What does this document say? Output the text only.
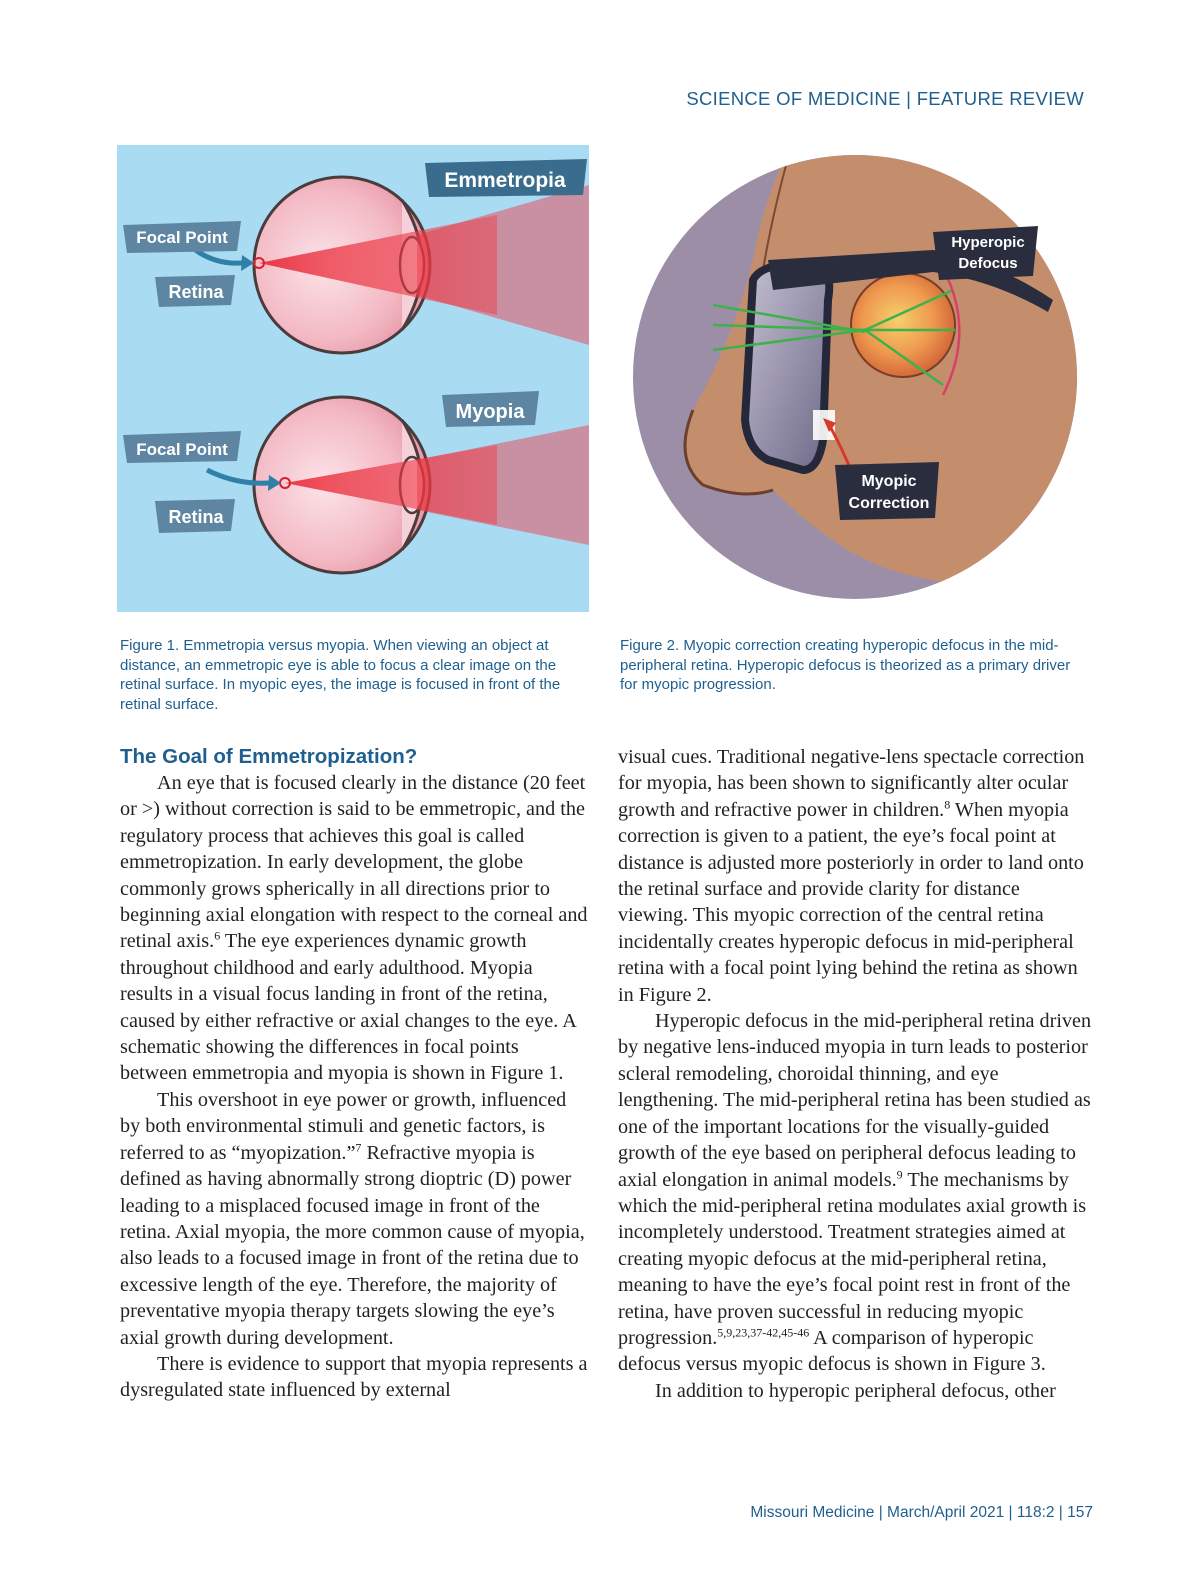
SCIENCE OF MEDICINE | FEATURE REVIEW
Emmetropia
Focal Point
Retina
Myopia
Focal Point
Retina
Hyperopic
Defocus
Myopic
Correction
Figure 1. Emmetropia versus myopia. When viewing an object at distance, an emmetropic eye is able to focus a clear image on the retinal surface. In myopic eyes, the image is focused in front of the retinal surface.
Figure 2. Myopic correction creating hyperopic defocus in the mid-peripheral retina. Hyperopic defocus is theorized as a primary driver for myopic progression.
The Goal of Emmetropization?

An eye that is focused clearly in the distance (20 feet or >) without correction is said to be emmetropic, and the regulatory process that achieves this goal is called emmetropization. In early development, the globe commonly grows spherically in all directions prior to beginning axial elongation with respect to the corneal and retinal axis.$^6$ The eye experiences dynamic growth throughout childhood and early adulthood. Myopia results in a visual focus landing in front of the retina, caused by either refractive or axial changes to the eye. A schematic showing the differences in focal points between emmetropia and myopia is shown in Figure 1.

This overshoot in eye power or growth, influenced by both environmental stimuli and genetic factors, is referred to as “myopization.”$^7$ Refractive myopia is defined as having abnormally strong dioptric (D) power leading to a misplaced focused image in front of the retina. Axial myopia, the more common cause of myopia, also leads to a focused image in front of the retina due to excessive length of the eye. Therefore, the majority of preventative myopia therapy targets slowing the eye’s axial growth during development.

There is evidence to support that myopia represents a dysregulated state influenced by external

visual cues. Traditional negative-lens spectacle correction for myopia, has been shown to significantly alter ocular growth and refractive power in children.$^8$ When myopia correction is given to a patient, the eye’s focal point at distance is adjusted more posteriorly in order to land onto the retinal surface and provide clarity for distance viewing. This myopic correction of the central retina incidentally creates hyperopic defocus in mid-peripheral retina with a focal point lying behind the retina as shown in Figure 2.

Hyperopic defocus in the mid-peripheral retina driven by negative lens-induced myopia in turn leads to posterior scleral remodeling, choroidal thinning, and eye lengthening. The mid-peripheral retina has been studied as one of the important locations for the visually-guided growth of the eye based on peripheral defocus leading to axial elongation in animal models.$^9$ The mechanisms by which the mid-peripheral retina modulates axial growth is incompletely understood. Treatment strategies aimed at creating myopic defocus at the mid-peripheral retina, meaning to have the eye’s focal point rest in front of the retina, have proven successful in reducing myopic progression.$^{5,9,23,37-42,45-46}$ A comparison of hyperopic defocus versus myopic defocus is shown in Figure 3.

In addition to hyperopic peripheral defocus, other

Missouri Medicine | March/April 2021 | 118:2 | 157
